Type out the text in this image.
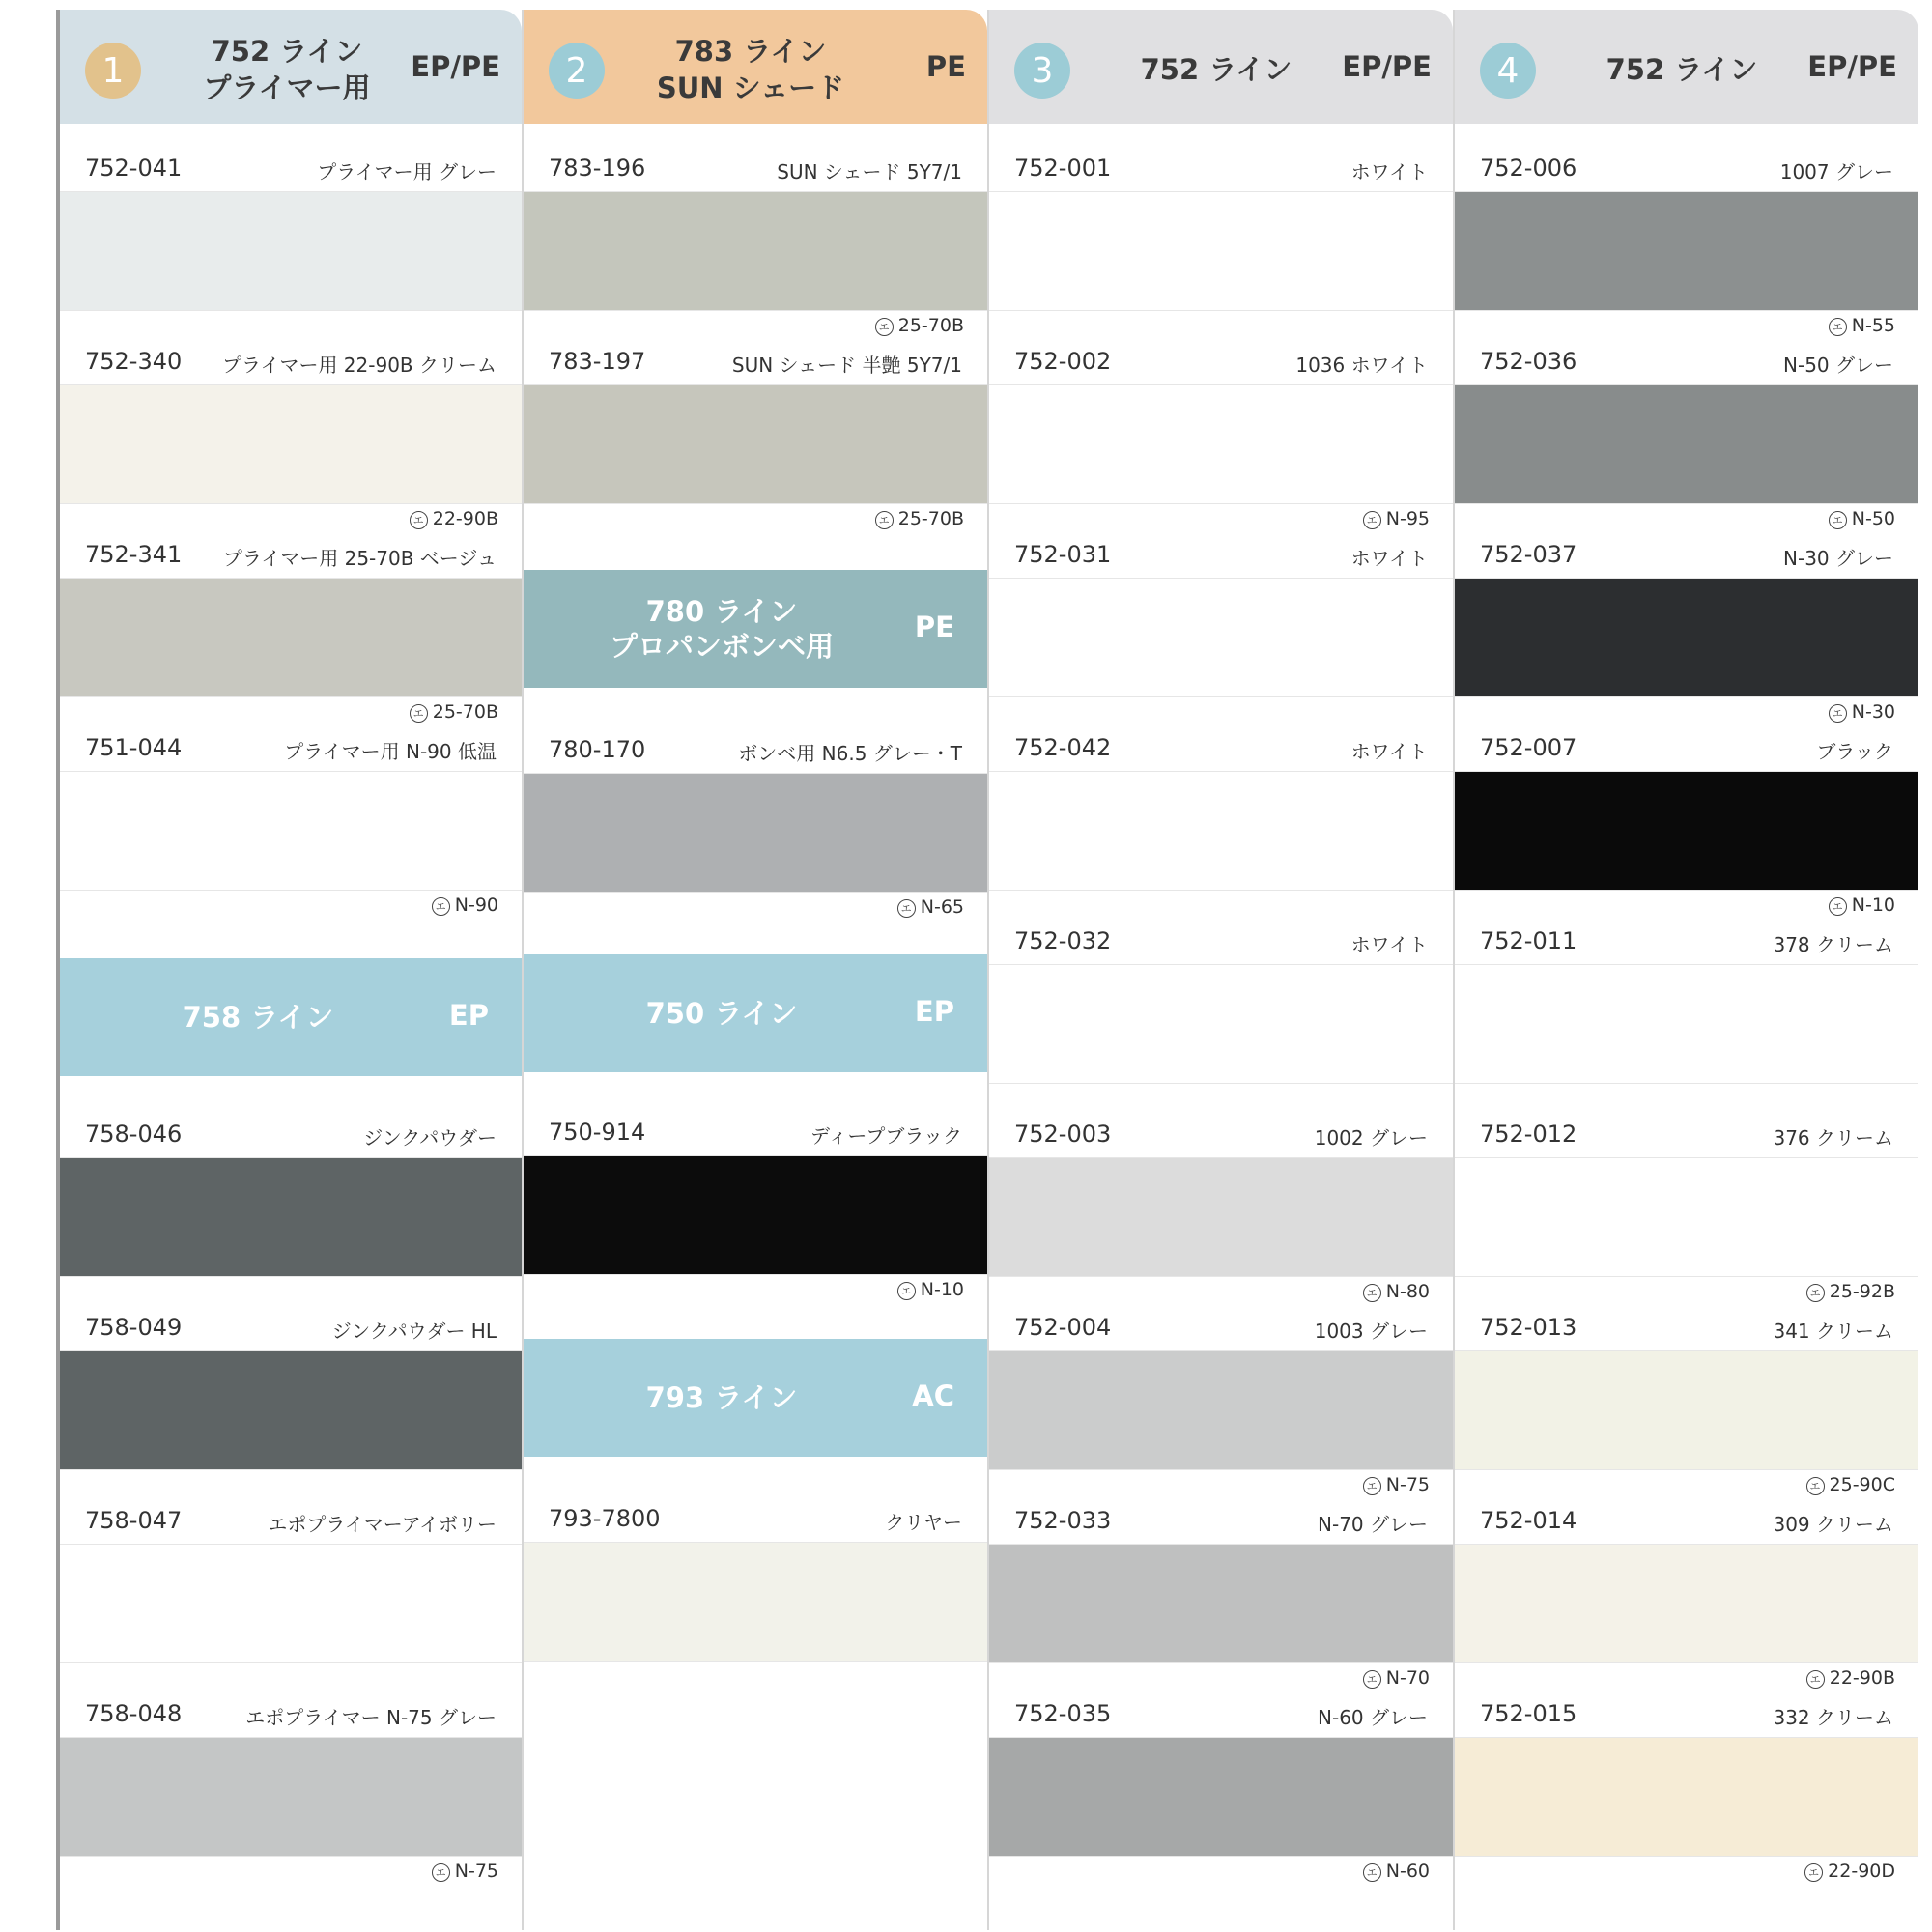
1	752 ライン
プライマー用
EP/PE
752-041	プライマー用 グレー
752-340 プライマー用 22-90B クリーム
エ 22-90B
752-341 プライマー用 25-70B ベージュ
エ 25-70B
751-044	プライマー用 N-90 低温
エ N-90
758 ライン	EP
758-046	ジンクパウダー
758-049	ジンクパウダー HL
758-047	エポプライマーアイボリー
758-048	エポプライマー N-75 グレー
エ N-75
2	783 ライン
SUN シェード
PE
783-196	SUN シェード 5Y7/1
エ 25-70B
783-197	SUN シェード 半艶 5Y7/1
エ 25-70B
780 ライン
プロパンボンベ用
PE
780-170	ボンベ用 N6.5 グレー・T
エ N-65
750 ライン	EP
750-914	ディープブラック
エ N-10
793 ライン	AC
793-7800	クリヤー
3	752 ライン EP/PE
752-001	ホワイト
752-002	1036 ホワイト
エ N-95
752-031	ホワイト
752-042	ホワイト
752-032	ホワイト
752-003	1002 グレー
エ N-80
752-004	1003 グレー
エ N-75
752-033	N-70 グレー
エ N-70
752-035	N-60 グレー
エ N-60
4	752 ライン EP/PE
752-006	1007 グレー
エ N-55
752-036	N-50 グレー
エ N-50
752-037	N-30 グレー
エ N-30
752-007	ブラック
エ N-10
752-011	378 クリーム
752-012	376 クリーム
エ 25-92B
752-013	341 クリーム
エ 25-90C
752-014	309 クリーム
エ 22-90B
752-015	332 クリーム
エ 22-90D
